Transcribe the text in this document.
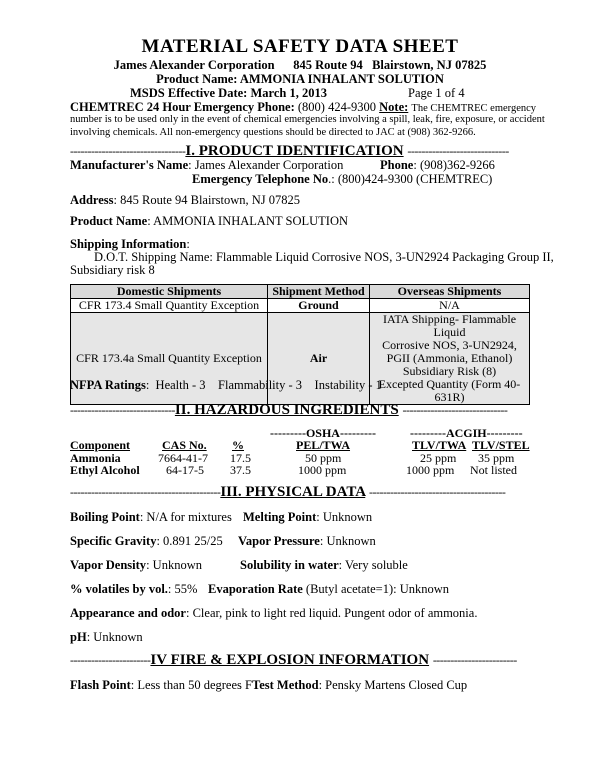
MATERIAL SAFETY DATA SHEET
James Alexander Corporation      845 Route 94   Blairstown, NJ 07825
Product Name: AMMONIA INHALANT SOLUTION
MSDS Effective Date: March 1, 2013	Page 1 of 4
CHEMTREC 24 Hour Emergency Phone: (800) 424-9300 Note: The CHEMTREC emergency
number is to be used only in the event of chemical emergencies involving a spill, leak, fire, exposure, or accident
involving chemicals. All non-emergency questions should be directed to JAC at (908) 362-9266.
---------------------------------I. PRODUCT IDENTIFICATION -----------------------------
Manufacturer's Name: James Alexander Corporation	Phone: (908)362-9266
Emergency Telephone No.: (800)424-9300 (CHEMTREC)
Address: 845 Route 94 Blairstown, NJ 07825
Product Name: AMMONIA INHALANT SOLUTION
Shipping Information:
D.O.T. Shipping Name: Flammable Liquid Corrosive NOS, 3-UN2924 Packaging Group II,
Subsidiary risk 8
Domestic Shipments	Shipment Method	Overseas Shipments
CFR 173.4 Small Quantity Exception	Ground	N/A
CFR 173.4a Small Quantity Exception	Air	IATA Shipping- Flammable Liquid
Corrosive NOS, 3-UN2924,
PGII (Ammonia, Ethanol)
Subsidiary Risk (8)
Excepted Quantity (Form 40-631R)
NFPA Ratings:  Health - 3    Flammability - 3    Instability - 1
------------------------------II. HAZARDOUS INGREDIENTS ------------------------------
---------OSHA---------	---------ACGIH---------
Component	CAS No. %	PEL/TWA	TLV/TWA TLV/STEL
Ammonia	7664-41-7 17.5	50 ppm	25 ppm 35 ppm
Ethyl Alcohol 64-17-5 37.5	1000 ppm	1000 ppm Not listed
-------------------------------------------III. PHYSICAL DATA ---------------------------------------
Boiling Point: N/A for mixtures Melting Point: Unknown
Specific Gravity: 0.891 25/25 Vapor Pressure: Unknown
Vapor Density: Unknown	Solubility in water: Very soluble
% volatiles by vol.: 55% Evaporation Rate (Butyl acetate=1): Unknown
Appearance and odor: Clear, pink to light red liquid. Pungent odor of ammonia.
pH: Unknown
-----------------------IV FIRE & EXPLOSION INFORMATION ------------------------
Flash Point: Less than 50 degrees F Test Method: Pensky Martens Closed Cup
